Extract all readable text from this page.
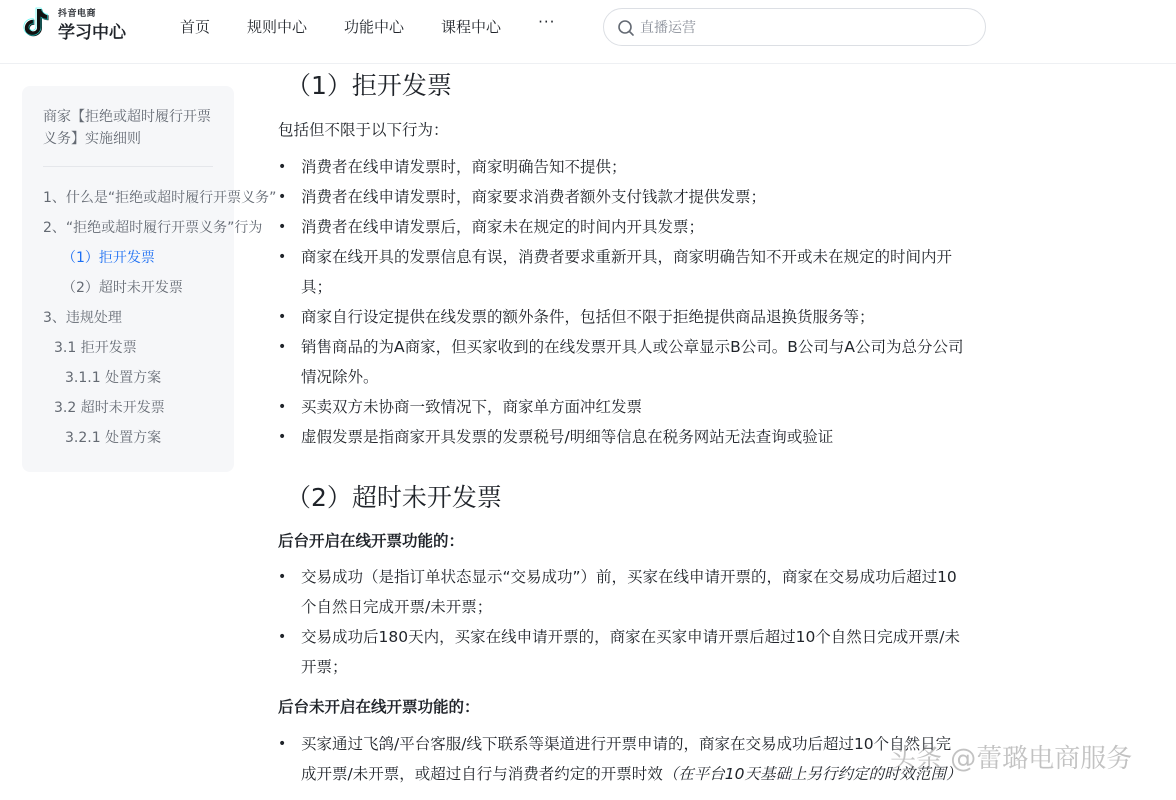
抖音电商
学习中心	首页 规则中心 功能中心 课程中心 ···
直播运营
商家【拒绝或超时履行开票义务】实施细则
1、什么是“拒绝或超时履行开票义务”
2、“拒绝或超时履行开票义务”行为
（1）拒开发票
（2）超时未开发票
3、违规处理
3.1 拒开发票
3.1.1 处置方案
3.2 超时未开发票
3.2.1 处置方案
（1）拒开发票
包括但不限于以下行为：
• 消费者在线申请发票时，商家明确告知不提供；
• 消费者在线申请发票时，商家要求消费者额外支付钱款才提供发票；
• 消费者在线申请发票后，商家未在规定的时间内开具发票；
• 商家在线开具的发票信息有误，消费者要求重新开具，商家明确告知不开或未在规定的时间内开
具；
• 商家自行设定提供在线发票的额外条件，包括但不限于拒绝提供商品退换货服务等；
• 销售商品的为A商家，但买家收到的在线发票开具人或公章显示B公司。B公司与A公司为总分公司
情况除外。
• 买卖双方未协商一致情况下，商家单方面冲红发票
• 虚假发票是指商家开具发票的发票税号/明细等信息在税务网站无法查询或验证
（2）超时未开发票
后台开启在线开票功能的：
• 交易成功（是指订单状态显示“交易成功”）前，买家在线申请开票的，商家在交易成功后超过10
个自然日完成开票/未开票；
• 交易成功后180天内，买家在线申请开票的，商家在买家申请开票后超过10个自然日完成开票/未
开票；
后台未开启在线开票功能的：
• 买家通过飞鸽/平台客服/线下联系等渠道进行开票申请的，商家在交易成功后超过10个自然日完
成开票/未开票，或超过自行与消费者约定的开票时效（在平台10天基础上另行约定的时效范围）
头条 @蕾璐电商服务
